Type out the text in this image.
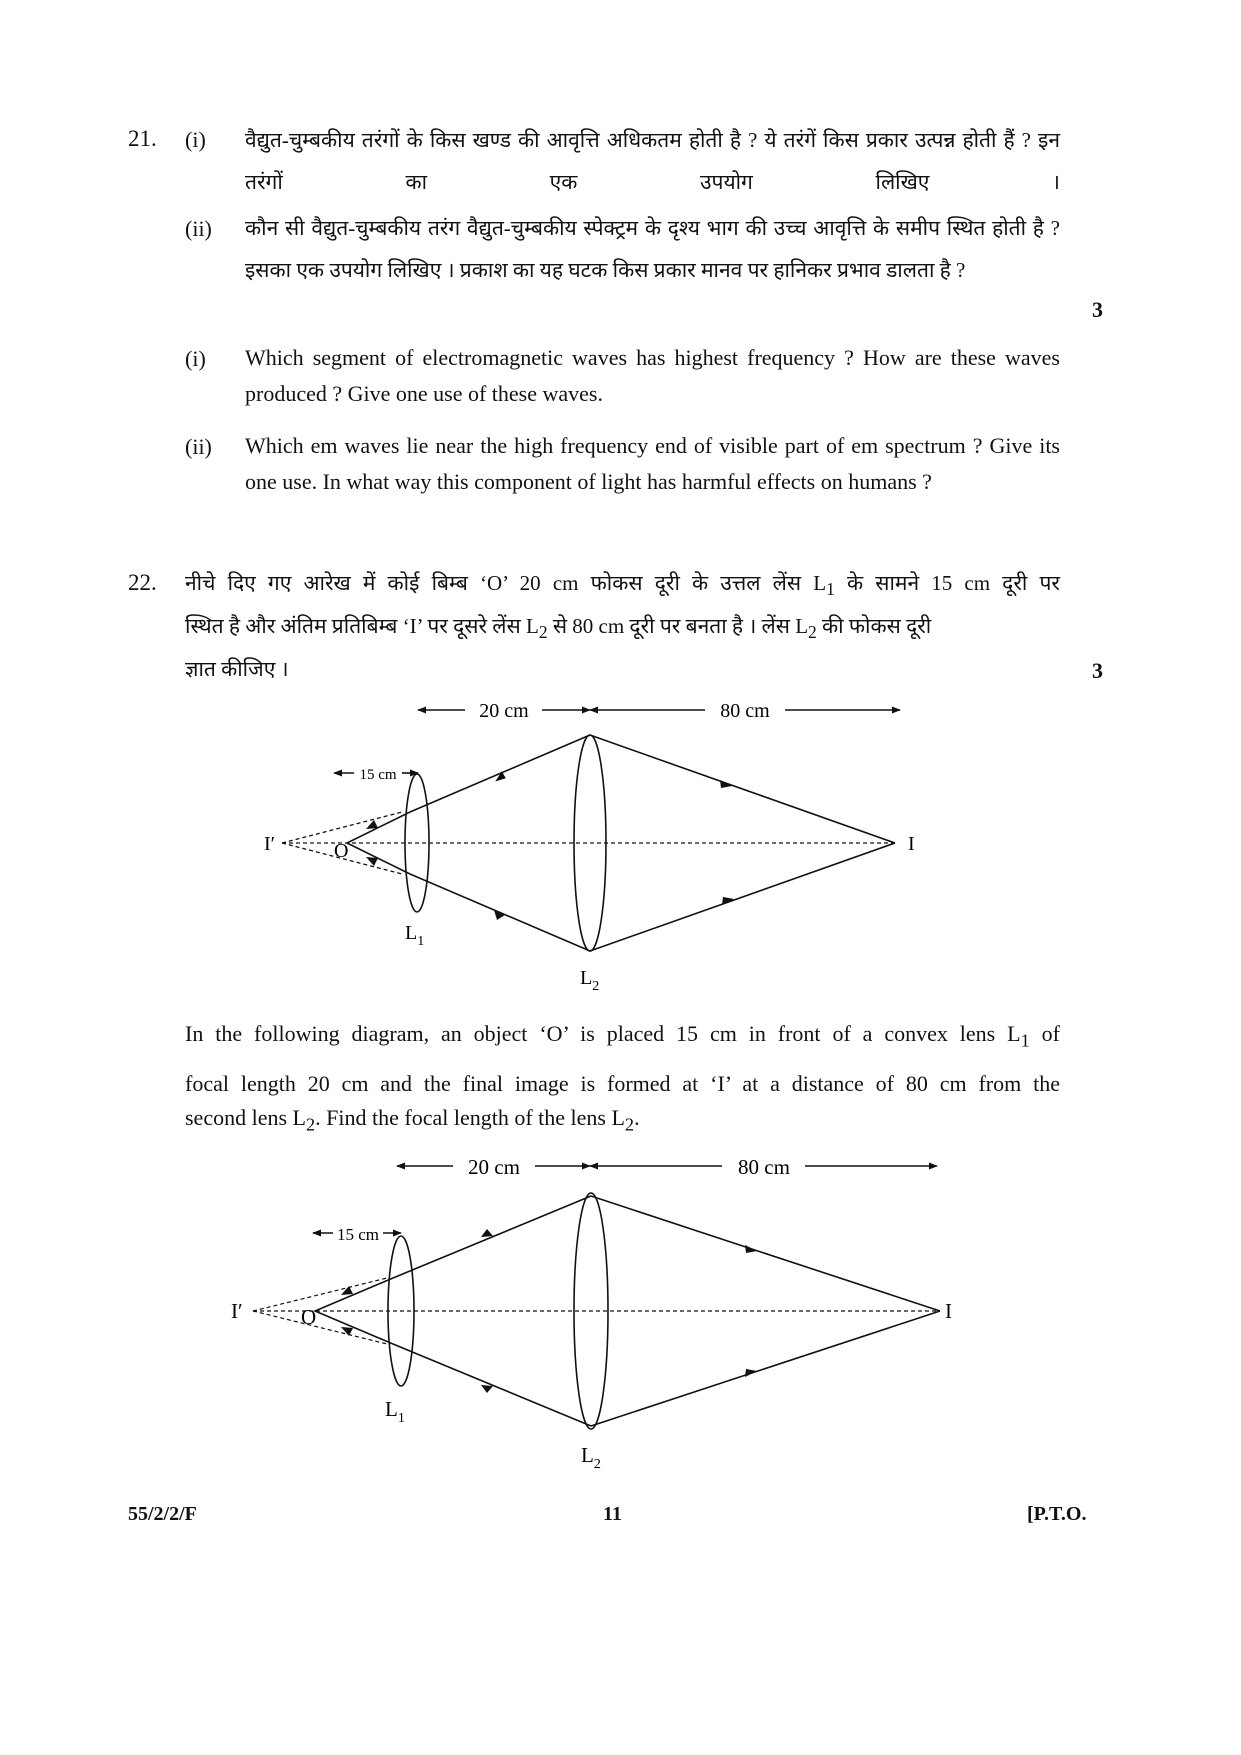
21. (i) वैद्युत-चुम्बकीय तरंगों के किस खण्ड की आवृत्ति अधिकतम होती है ? ये तरंगें किस प्रकार उत्पन्न होती हैं ? इन तरंगों का एक उपयोग लिखिए ।
(ii) कौन सी वैद्युत-चुम्बकीय तरंग वैद्युत-चुम्बकीय स्पेक्ट्रम के दृश्य भाग की उच्च आवृत्ति के समीप स्थित होती है ? इसका एक उपयोग लिखिए । प्रकाश का यह घटक किस प्रकार मानव पर हानिकर प्रभाव डालता है ?
3
(i) Which segment of electromagnetic waves has highest frequency ? How are these waves produced ? Give one use of these waves.
(ii) Which em waves lie near the high frequency end of visible part of em spectrum ? Give its one use. In what way this component of light has harmful effects on humans ?
22. नीचे दिए गए आरेख में कोई बिम्ब ‘O’ 20 cm फोकस दूरी के उत्तल लेंस $L_1$ के सामने 15 cm दूरी पर
स्थित है और अंतिम प्रतिबिम्ब ‘I’ पर दूसरे लेंस $L_2$ से 80 cm दूरी पर बनता है । लेंस $L_2$ की फोकस दूरी
ज्ञात कीजिए ।	3
20 cm	80 cm
15 cm
I′	O	I
$L_1$
$L_2$
In the following diagram, an object ‘O’ is placed 15 cm in front of a convex lens $L_1$ of
focal length 20 cm and the final image is formed at ‘I’ at a distance of 80 cm from the
second lens $L_2$. Find the focal length of the lens $L_2$.
20 cm	80 cm
15 cm
I′	O	I
$L_1$
$L_2$
55/2/2/F	11	[P.T.O.
